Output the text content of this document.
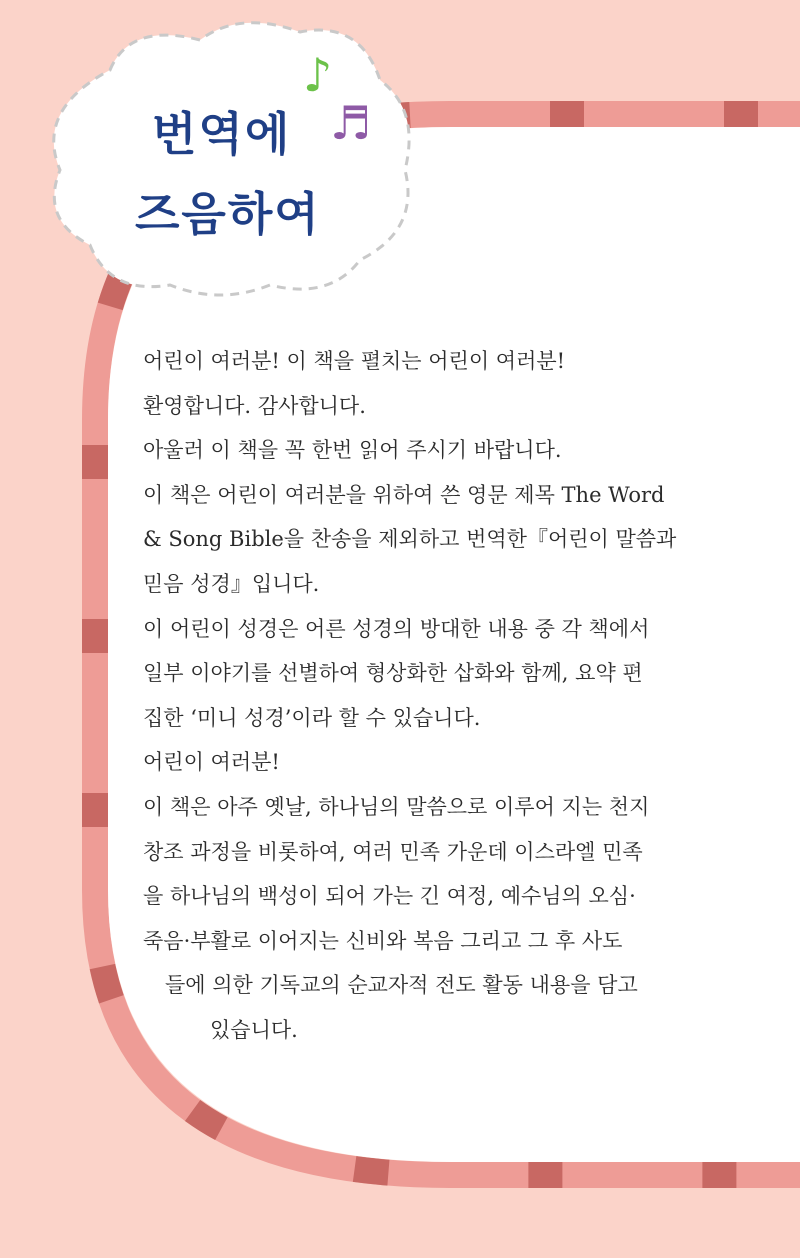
번역에
즈음하여
♪
♬

어린이 여러분! 이 책을 펼치는 어린이 여러분!

환영합니다. 감사합니다.

아울러 이 책을 꼭 한번 읽어 주시기 바랍니다.

이 책은 어린이 여러분을 위하여 쓴 영문 제목 The Word

& Song Bible을 찬송을 제외하고 번역한『어린이 말씀과

믿음 성경』입니다.

이 어린이 성경은 어른 성경의 방대한 내용 중 각 책에서

일부 이야기를 선별하여 형상화한 삽화와 함께, 요약 편

집한 ‘미니 성경’이라 할 수 있습니다.

어린이 여러분!

이 책은 아주 옛날, 하나님의 말씀으로 이루어 지는 천지

창조 과정을 비롯하여, 여러 민족 가운데 이스라엘 민족

을 하나님의 백성이 되어 가는 긴 여정, 예수님의 오심·

죽음·부활로 이어지는 신비와 복음 그리고 그 후 사도

들에 의한 기독교의 순교자적 전도 활동 내용을 담고

있습니다.
